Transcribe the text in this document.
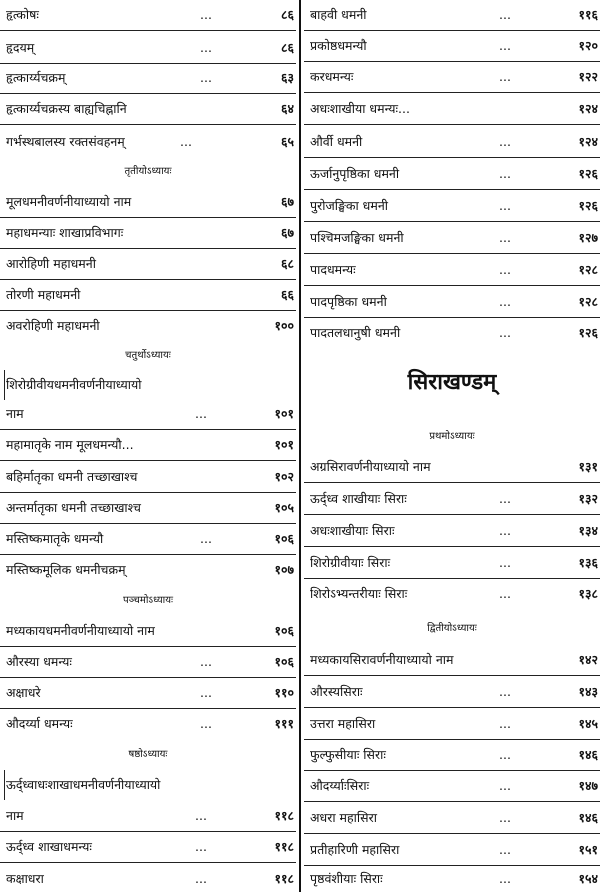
हृत्कोषः	...	८६
हृदयम्	...	८६
हृत्कार्य्यचक्रम्	...	६३
हृत्कार्य्यचक्रस्य बाह्यचिह्नानि	६४
गर्भस्थबालस्य रक्तसंवहनम्	...	६५
तृतीयोऽध्यायः
मूलधमनीवर्णनीयाध्यायो नाम	६७
महाधमन्याः शाखाप्रविभागः	६७
आरोहिणी महाधमनी	६८
तोरणी महाधमनी	६६
अवरोहिणी महाधमनी	१००
चतुर्थोऽध्यायः
शिरोग्रीवीयधमनीवर्णनीयाध्यायो
नाम	...	१०१
महामातृके नाम मूलधमन्यौ...	१०१
बहिर्मातृका धमनी तच्छाखाश्च	१०२
अन्तर्मातृका धमनी तच्छाखाश्च	१०५
मस्तिष्कमातृके धमन्यौ	...	१०६
मस्तिष्कमूलिक धमनीचक्रम्	१०७
पञ्चमोऽध्यायः
मध्यकायधमनीवर्णनीयाध्यायो नाम	१०६
औरस्या धमन्यः	...	१०६
अक्षाधरे	...	११०
औदर्य्या धमन्यः	...	१११
षष्ठोऽध्यायः
ऊर्द्ध्वाधःशाखाधमनीवर्णनीयाध्यायो
नाम	...	११८
ऊर्द्ध्व शाखाधमन्यः	...	११८
कक्षाधरा	...	११८
बाहवी धमनी	...	११६
प्रकोष्ठधमन्यौ	...	१२०
करधमन्यः	...	१२२
अधःशाखीया धमन्यः...	१२४
और्वी धमनी	...	१२४
ऊर्जानुपृष्ठिका धमनी	...	१२६
पुरोजङ्घिका धमनी	...	१२६
पश्चिमजङ्घिका धमनी	...	१२७
पादधमन्यः	...	१२८
पादपृष्ठिका धमनी	...	१२८
पादतलधानुषी धमनी	...	१२६
सिराखण्डम्
प्रथमोऽध्यायः
अग्रसिरावर्णनीयाध्यायो नाम	१३१
ऊर्द्ध्व शाखीयाः सिराः	...	१३२
अधःशाखीयाः सिराः	...	१३४
शिरोग्रीवीयाः सिराः	...	१३६
शिरोऽभ्यन्तरीयाः सिराः	...	१३८
द्वितीयोऽध्यायः
मध्यकायसिरावर्णनीयाध्यायो नाम	१४२
औरस्यसिराः	...	१४३
उत्तरा महासिरा	...	१४५
फुल्फुसीयाः सिराः	...	१४६
औदर्य्याःसिराः	...	१४७
अधरा महासिरा	...	१४६
प्रतीहारिणी महासिरा	...	१५१
पृष्ठवंशीयाः सिराः	...	१५४
